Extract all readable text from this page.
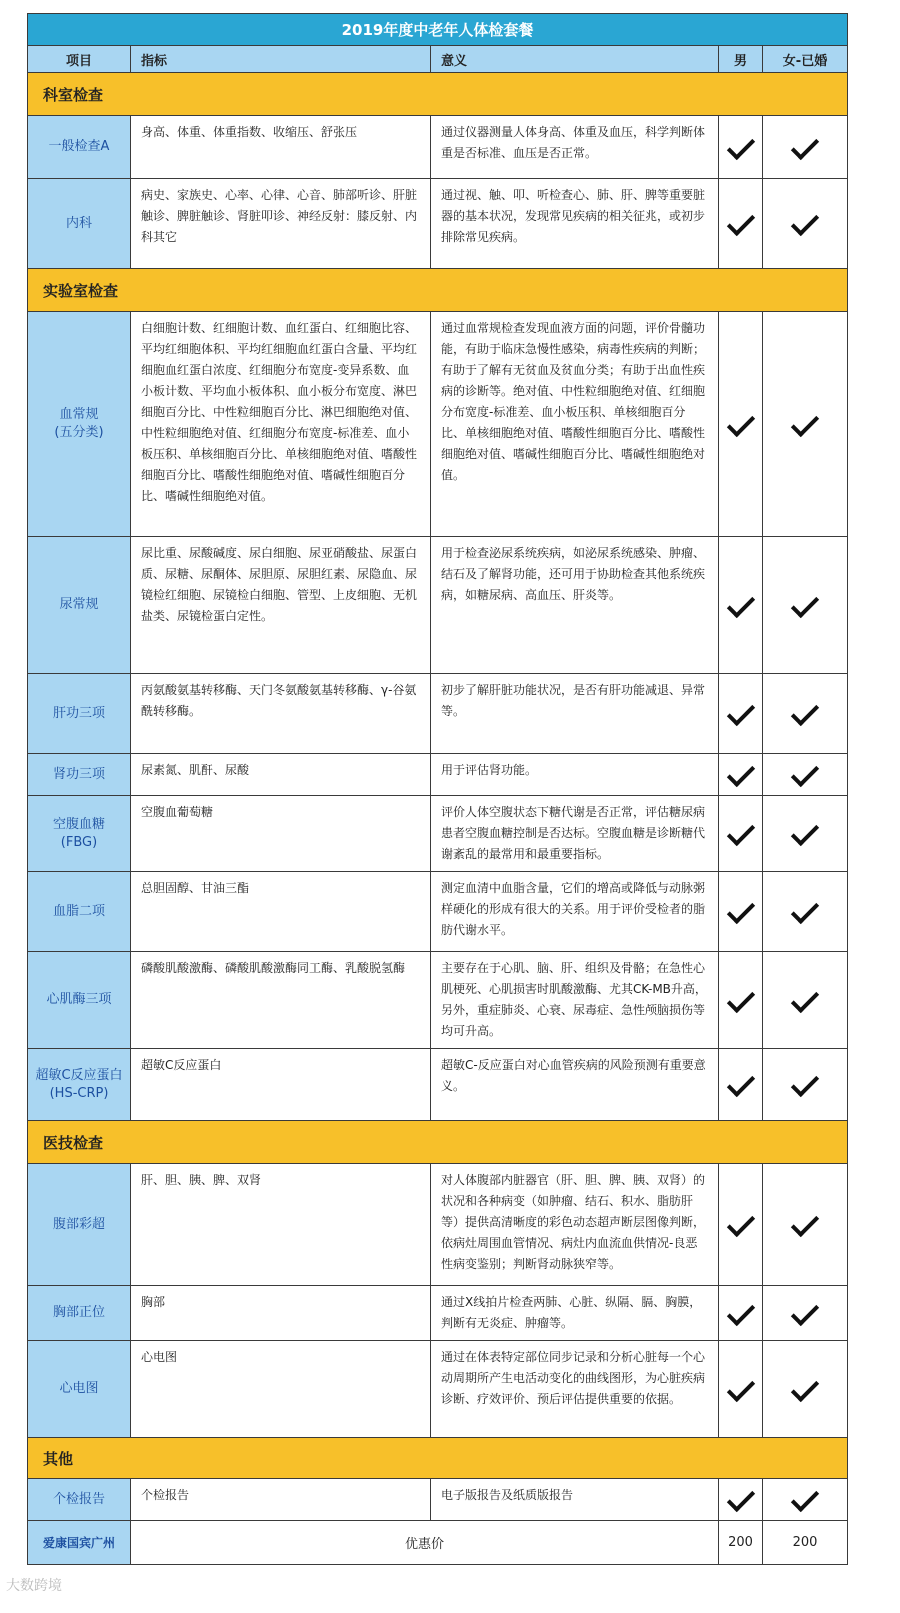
2019年度中老年人体检套餐				
项目	指标	意义	男	女-已婚
科室检查				

一般检查A	身高、体重、体重指数、收缩压、舒张压	通过仪器测量人体身高、体重及血压，科学判断体重是否标准、血压是否正常。		

内科	病史、家族史、心率、心律、心音、肺部听诊、肝脏触诊、脾脏触诊、肾脏叩诊、神经反射：膝反射、内科其它	通过视、触、叩、听检查心、肺、肝、脾等重要脏器的基本状况，发现常见疾病的相关征兆，或初步排除常见疾病。		
实验室检查				

血常规
(五分类)	白细胞计数、红细胞计数、血红蛋白、红细胞比容、平均红细胞体积、平均红细胞血红蛋白含量、平均红细胞血红蛋白浓度、红细胞分布宽度-变异系数、血小板计数、平均血小板体积、血小板分布宽度、淋巴细胞百分比、中性粒细胞百分比、淋巴细胞绝对值、中性粒细胞绝对值、红细胞分布宽度-标准差、血小板压积、单核细胞百分比、单核细胞绝对值、嗜酸性细胞百分比、嗜酸性细胞绝对值、嗜碱性细胞百分比、嗜碱性细胞绝对值。	通过血常规检查发现血液方面的问题，评价骨髓功能，有助于临床急慢性感染，病毒性疾病的判断；有助于了解有无贫血及贫血分类；有助于出血性疾病的诊断等。绝对值、中性粒细胞绝对值、红细胞分布宽度-标准差、血小板压积、单核细胞百分比、单核细胞绝对值、嗜酸性细胞百分比、嗜酸性细胞绝对值、嗜碱性细胞百分比、嗜碱性细胞绝对值。		

尿常规	尿比重、尿酸碱度、尿白细胞、尿亚硝酸盐、尿蛋白质、尿糖、尿酮体、尿胆原、尿胆红素、尿隐血、尿镜检红细胞、尿镜检白细胞、管型、上皮细胞、无机盐类、尿镜检蛋白定性。	用于检查泌尿系统疾病，如泌尿系统感染、肿瘤、结石及了解肾功能，还可用于协助检查其他系统疾病，如糖尿病、高血压、肝炎等。		

肝功三项	丙氨酸氨基转移酶、天门冬氨酸氨基转移酶、γ-谷氨酰转移酶。	初步了解肝脏功能状况，是否有肝功能减退、异常等。		

肾功三项	尿素氮、肌酐、尿酸	用于评估肾功能。		

空腹血糖
(FBG)	空腹血葡萄糖	评价人体空腹状态下糖代谢是否正常，评估糖尿病患者空腹血糖控制是否达标。空腹血糖是诊断糖代谢紊乱的最常用和最重要指标。		

血脂二项	总胆固醇、甘油三酯	测定血清中血脂含量，它们的增高或降低与动脉粥样硬化的形成有很大的关系。用于评价受检者的脂肪代谢水平。		

心肌酶三项	磷酸肌酸激酶、磷酸肌酸激酶同工酶、乳酸脱氢酶	主要存在于心肌、脑、肝、组织及骨骼；在急性心肌梗死、心肌损害时肌酸激酶、尤其CK-MB升高，另外，重症肺炎、心衰、尿毒症、急性颅脑损伤等均可升高。		

超敏C反应蛋白
(HS-CRP)	超敏C反应蛋白	超敏C-反应蛋白对心血管疾病的风险预测有重要意义。		
医技检查				

腹部彩超	肝、胆、胰、脾、双肾	对人体腹部内脏器官（肝、胆、脾、胰、双肾）的状况和各种病变（如肿瘤、结石、积水、脂肪肝等）提供高清晰度的彩色动态超声断层图像判断，依病灶周围血管情况、病灶内血流血供情况-良恶性病变鉴别；判断肾动脉狭窄等。		

胸部正位	胸部	通过X线拍片检查两肺、心脏、纵隔、膈、胸膜，判断有无炎症、肿瘤等。		

心电图	心电图	通过在体表特定部位同步记录和分析心脏每一个心动周期所产生电活动变化的曲线图形，为心脏疾病诊断、疗效评价、预后评估提供重要的依据。		
其他				

个检报告	个检报告	电子版报告及纸质版报告		
爱康国宾广州	优惠价		200	200
大数跨境
